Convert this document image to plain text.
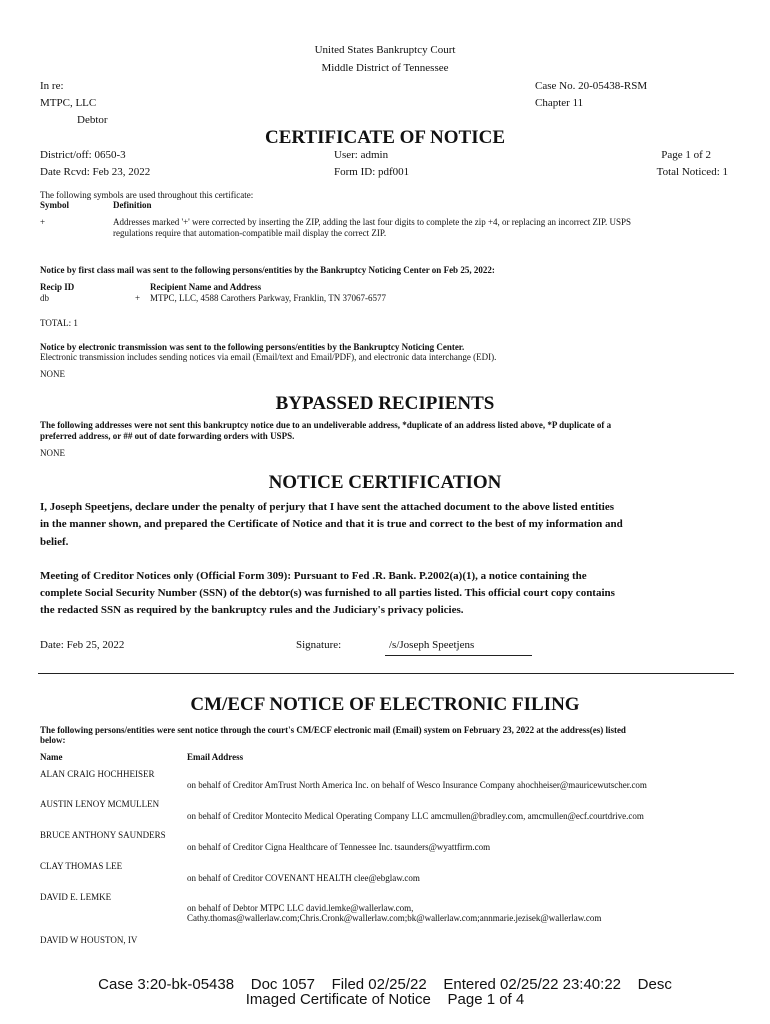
United States Bankruptcy Court
Middle District of Tennessee
In re:
MTPC, LLC
Debtor
Case No. 20-05438-RSM
Chapter 11
CERTIFICATE OF NOTICE
District/off: 0650-3
Date Rcvd: Feb 23, 2022
User: admin
Form ID: pdf001
Page 1 of 2
Total Noticed: 1
The following symbols are used throughout this certificate:
Symbol	Definition
+	Addresses marked '+' were corrected by inserting the ZIP, adding the last four digits to complete the zip +4, or replacing an incorrect ZIP. USPS
regulations require that automation-compatible mail display the correct ZIP.
Notice by first class mail was sent to the following persons/entities by the Bankruptcy Noticing Center on Feb 25, 2022:
Recip ID	Recipient Name and Address
db	+ MTPC, LLC, 4588 Carothers Parkway, Franklin, TN 37067-6577
TOTAL: 1
Notice by electronic transmission was sent to the following persons/entities by the Bankruptcy Noticing Center.
Electronic transmission includes sending notices via email (Email/text and Email/PDF), and electronic data interchange (EDI).
NONE
BYPASSED RECIPIENTS
The following addresses were not sent this bankruptcy notice due to an undeliverable address, *duplicate of an address listed above, *P duplicate of a
preferred address, or ## out of date forwarding orders with USPS.
NONE
NOTICE CERTIFICATION
I, Joseph Speetjens, declare under the penalty of perjury that I have sent the attached document to the above listed entities
in the manner shown, and prepared the Certificate of Notice and that it is true and correct to the best of my information and
belief.
Meeting of Creditor Notices only (Official Form 309): Pursuant to Fed .R. Bank. P.2002(a)(1), a notice containing the
complete Social Security Number (SSN) of the debtor(s) was furnished to all parties listed. This official court copy contains
the redacted SSN as required by the bankruptcy rules and the Judiciary's privacy policies.
Date: Feb 25, 2022	Signature:	/s/Joseph Speetjens
CM/ECF NOTICE OF ELECTRONIC FILING
The following persons/entities were sent notice through the court's CM/ECF electronic mail (Email) system on February 23, 2022 at the address(es) listed
below:
Name	Email Address
ALAN CRAIG HOCHHEISER
on behalf of Creditor AmTrust North America Inc. on behalf of Wesco Insurance Company ahochheiser@mauricewutscher.com
AUSTIN LENOY MCMULLEN
on behalf of Creditor Montecito Medical Operating Company LLC amcmullen@bradley.com, amcmullen@ecf.courtdrive.com
BRUCE ANTHONY SAUNDERS
on behalf of Creditor Cigna Healthcare of Tennessee Inc. tsaunders@wyattfirm.com
CLAY THOMAS LEE
on behalf of Creditor COVENANT HEALTH clee@ebglaw.com
DAVID E. LEMKE
on behalf of Debtor MTPC LLC david.lemke@wallerlaw.com,
Cathy.thomas@wallerlaw.com;Chris.Cronk@wallerlaw.com;bk@wallerlaw.com;annmarie.jezisek@wallerlaw.com
DAVID W HOUSTON, IV
Case 3:20-bk-05438    Doc 1057    Filed 02/25/22    Entered 02/25/22 23:40:22    Desc
Imaged Certificate of Notice    Page 1 of 4
